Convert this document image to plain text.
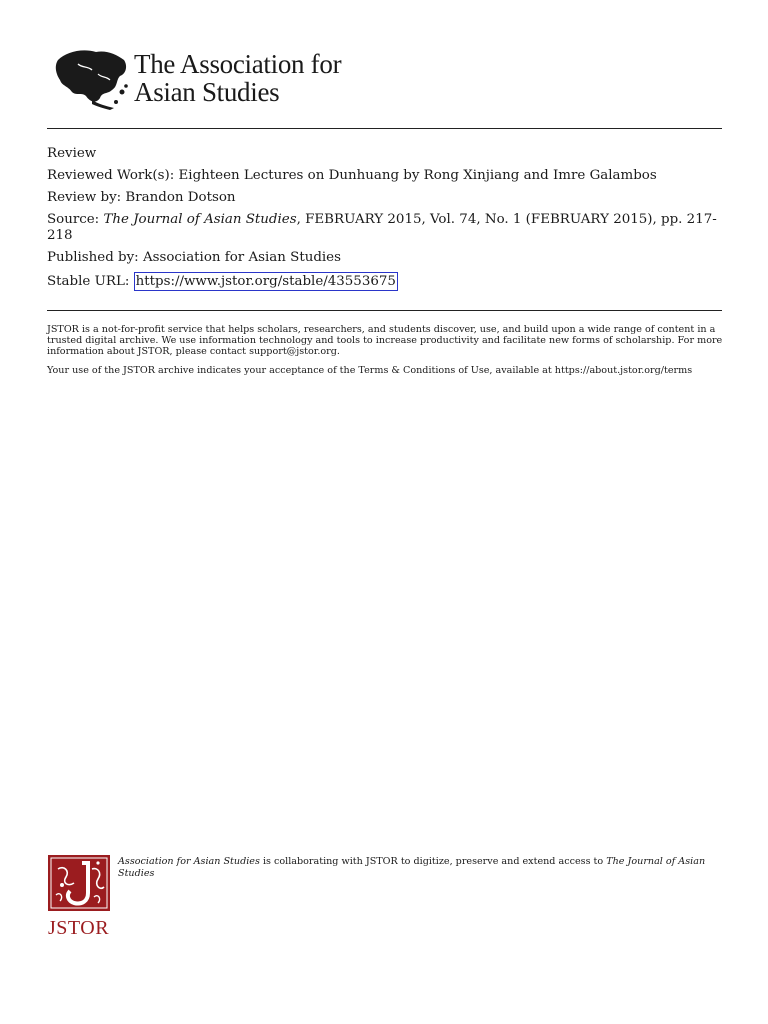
The Association for
Asian Studies
Review
Reviewed Work(s): Eighteen Lectures on Dunhuang by Rong Xinjiang and Imre Galambos
Review by: Brandon Dotson
Source: The Journal of Asian Studies, FEBRUARY 2015, Vol. 74, No. 1 (FEBRUARY 2015), pp. 217-218
Published by: Association for Asian Studies
Stable URL: https://www.jstor.org/stable/43553675

JSTOR is a not-for-profit service that helps scholars, researchers, and students discover, use, and build upon a wide range of content in a trusted digital archive. We use information technology and tools to increase productivity and facilitate new forms of scholarship. For more information about JSTOR, please contact support@jstor.org.

Your use of the JSTOR archive indicates your acceptance of the Terms & Conditions of Use, available at https://about.jstor.org/terms

JSTOR
Association for Asian Studies is collaborating with JSTOR to digitize, preserve and extend access to The Journal of Asian Studies
